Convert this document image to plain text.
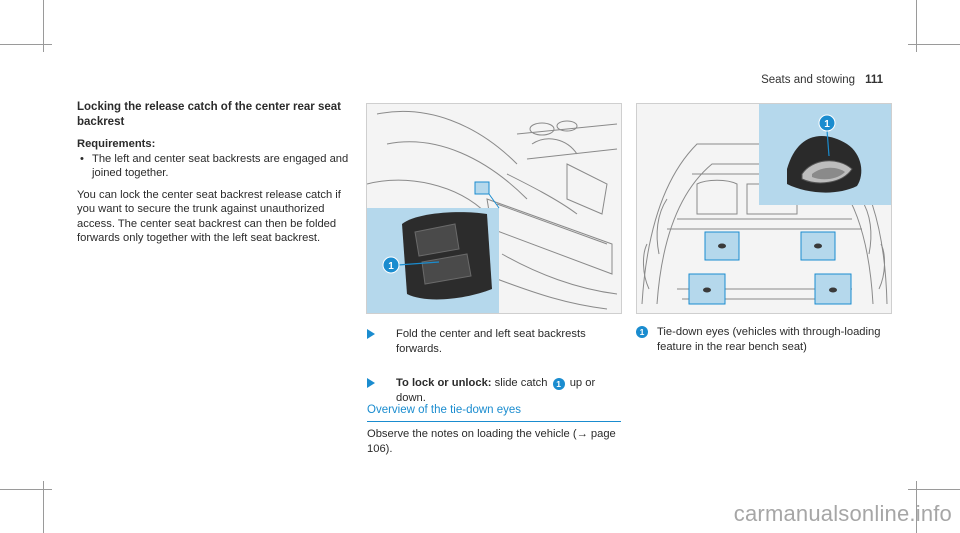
Seats and stowing 111

Locking the release catch of the center rear seat backrest

Requirements:

• The left and center seat backrests are engaged and joined together.

You can lock the center seat backrest release catch if you want to secure the trunk against unauthorized access. The center seat backrest can then be folded forwards only together with the left seat backrest.

1
1
Fold the center and left seat backrests forwards.
To lock or unlock: slide catch 1 up or down.
Overview of the tie-down eyes
Observe the notes on loading the vehicle (→ page 106).
1	Tie-down eyes (vehicles with through-loading feature in the rear bench seat)
carmanualsonline.info
